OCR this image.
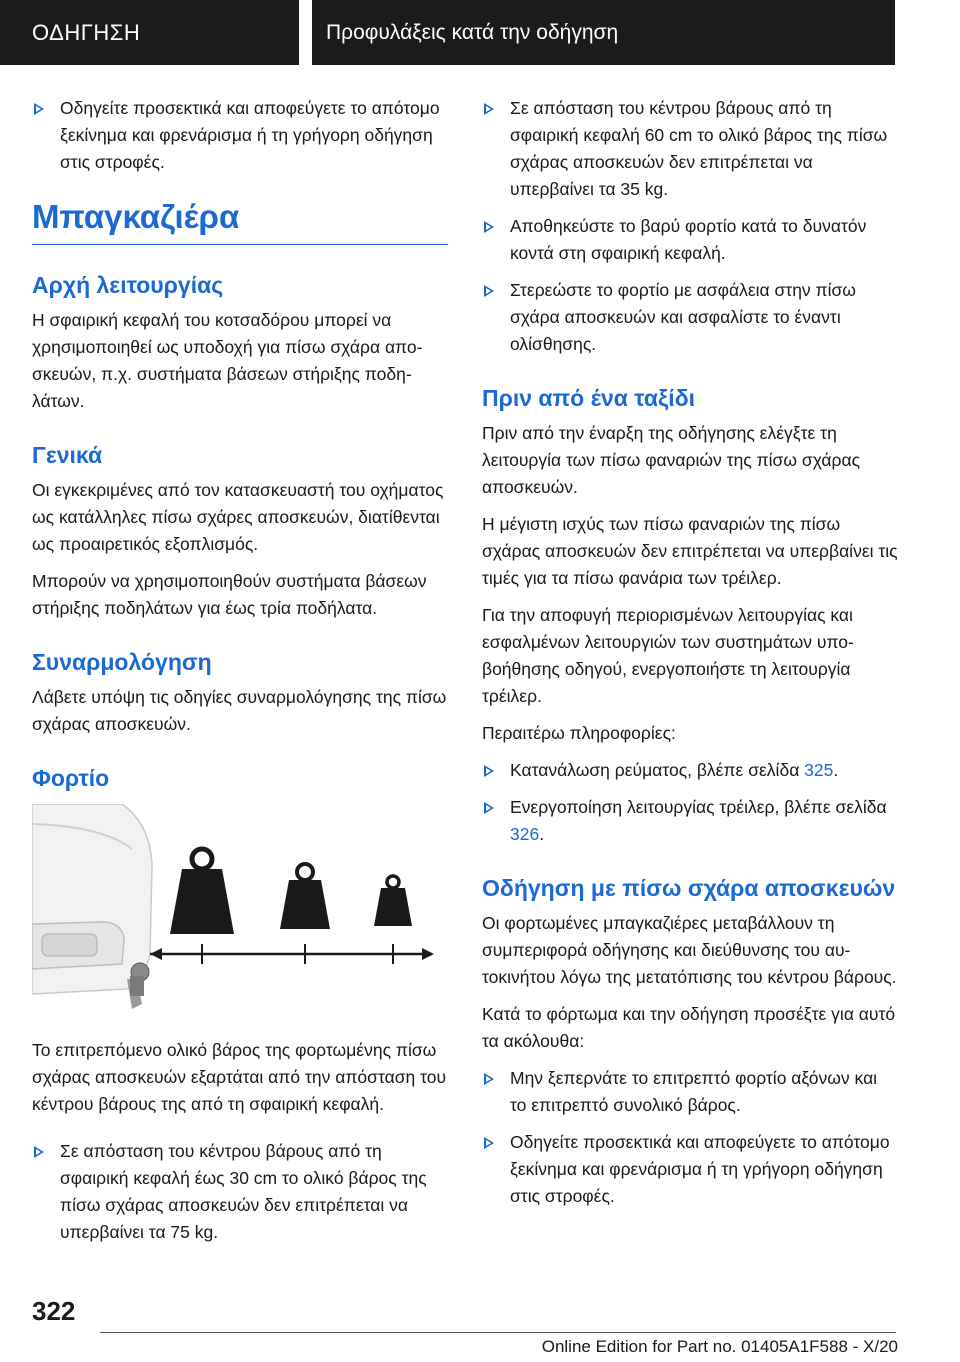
ΟΔΗΓΗΣΗ	Προφυλάξεις κατά την οδήγηση
Οδηγείτε προσεκτικά και αποφεύγετε το απότομο ξεκίνημα και φρενάρισμα ή τη γρήγορη οδήγηση στις στροφές.
Μπαγκαζιέρα
Αρχή λειτουργίας

Η σφαιρική κεφαλή του κοτσαδόρου μπορεί να χρησιμοποιηθεί ως υποδοχή για πίσω σχάρα αποσκευών, π.χ. συστήματα βάσεων στήριξης ποδηλάτων.

Γενικά

Οι εγκεκριμένες από τον κατασκευαστή του οχήματος ως κατάλληλες πίσω σχάρες αποσκευών, διατίθενται ως προαιρετικός εξοπλισμός.

Μπορούν να χρησιμοποιηθούν συστήματα βάσεων στήριξης ποδηλάτων για έως τρία ποδήλατα.

Συναρμολόγηση

Λάβετε υπόψη τις οδηγίες συναρμολόγησης της πίσω σχάρας αποσκευών.

Φορτίο

Το επιτρεπόμενο ολικό βάρος της φορτωμένης πίσω σχάρας αποσκευών εξαρτάται από την απόσταση του κέντρου βάρους της από τη σφαιρική κεφαλή.

Σε απόσταση του κέντρου βάρους από τη σφαιρική κεφαλή έως 30 cm το ολικό βάρος της πίσω σχάρας αποσκευών δεν επιτρέπεται να υπερβαίνει τα 75 kg.
Σε απόσταση του κέντρου βάρους από τη σφαιρική κεφαλή 60 cm το ολικό βάρος της πίσω σχάρας αποσκευών δεν επιτρέπεται να υπερβαίνει τα 35 kg.
Αποθηκεύστε το βαρύ φορτίο κατά το δυνατόν κοντά στη σφαιρική κεφαλή.
Στερεώστε το φορτίο με ασφάλεια στην πίσω σχάρα αποσκευών και ασφαλίστε το έναντι ολίσθησης.
Πριν από ένα ταξίδι

Πριν από την έναρξη της οδήγησης ελέγξτε τη λειτουργία των πίσω φαναριών της πίσω σχάρας αποσκευών.

Η μέγιστη ισχύς των πίσω φαναριών της πίσω σχάρας αποσκευών δεν επιτρέπεται να υπερβαίνει τις τιμές για τα πίσω φανάρια των τρέιλερ.

Για την αποφυγή περιορισμένων λειτουργίας και εσφαλμένων λειτουργιών των συστημάτων υποβοήθησης οδηγού, ενεργοποιήστε τη λειτουργία τρέιλερ.

Περαιτέρω πληροφορίες:

Κατανάλωση ρεύματος, βλέπε σελίδα 325.
Ενεργοποίηση λειτουργίας τρέιλερ, βλέπε σελίδα 326.
Οδήγηση με πίσω σχάρα αποσκευών

Οι φορτωμένες μπαγκαζιέρες μεταβάλλουν τη συμπεριφορά οδήγησης και διεύθυνσης του αυτοκινήτου λόγω της μετατόπισης του κέντρου βάρους.

Κατά το φόρτωμα και την οδήγηση προσέξτε για αυτό τα ακόλουθα:

Μην ξεπερνάτε το επιτρεπτό φορτίο αξόνων και το επιτρεπτό συνολικό βάρος.
Οδηγείτε προσεκτικά και αποφεύγετε το απότομο ξεκίνημα και φρενάρισμα ή τη γρήγορη οδήγηση στις στροφές.
322
Online Edition for Part no. 01405A1F588 - X/20
